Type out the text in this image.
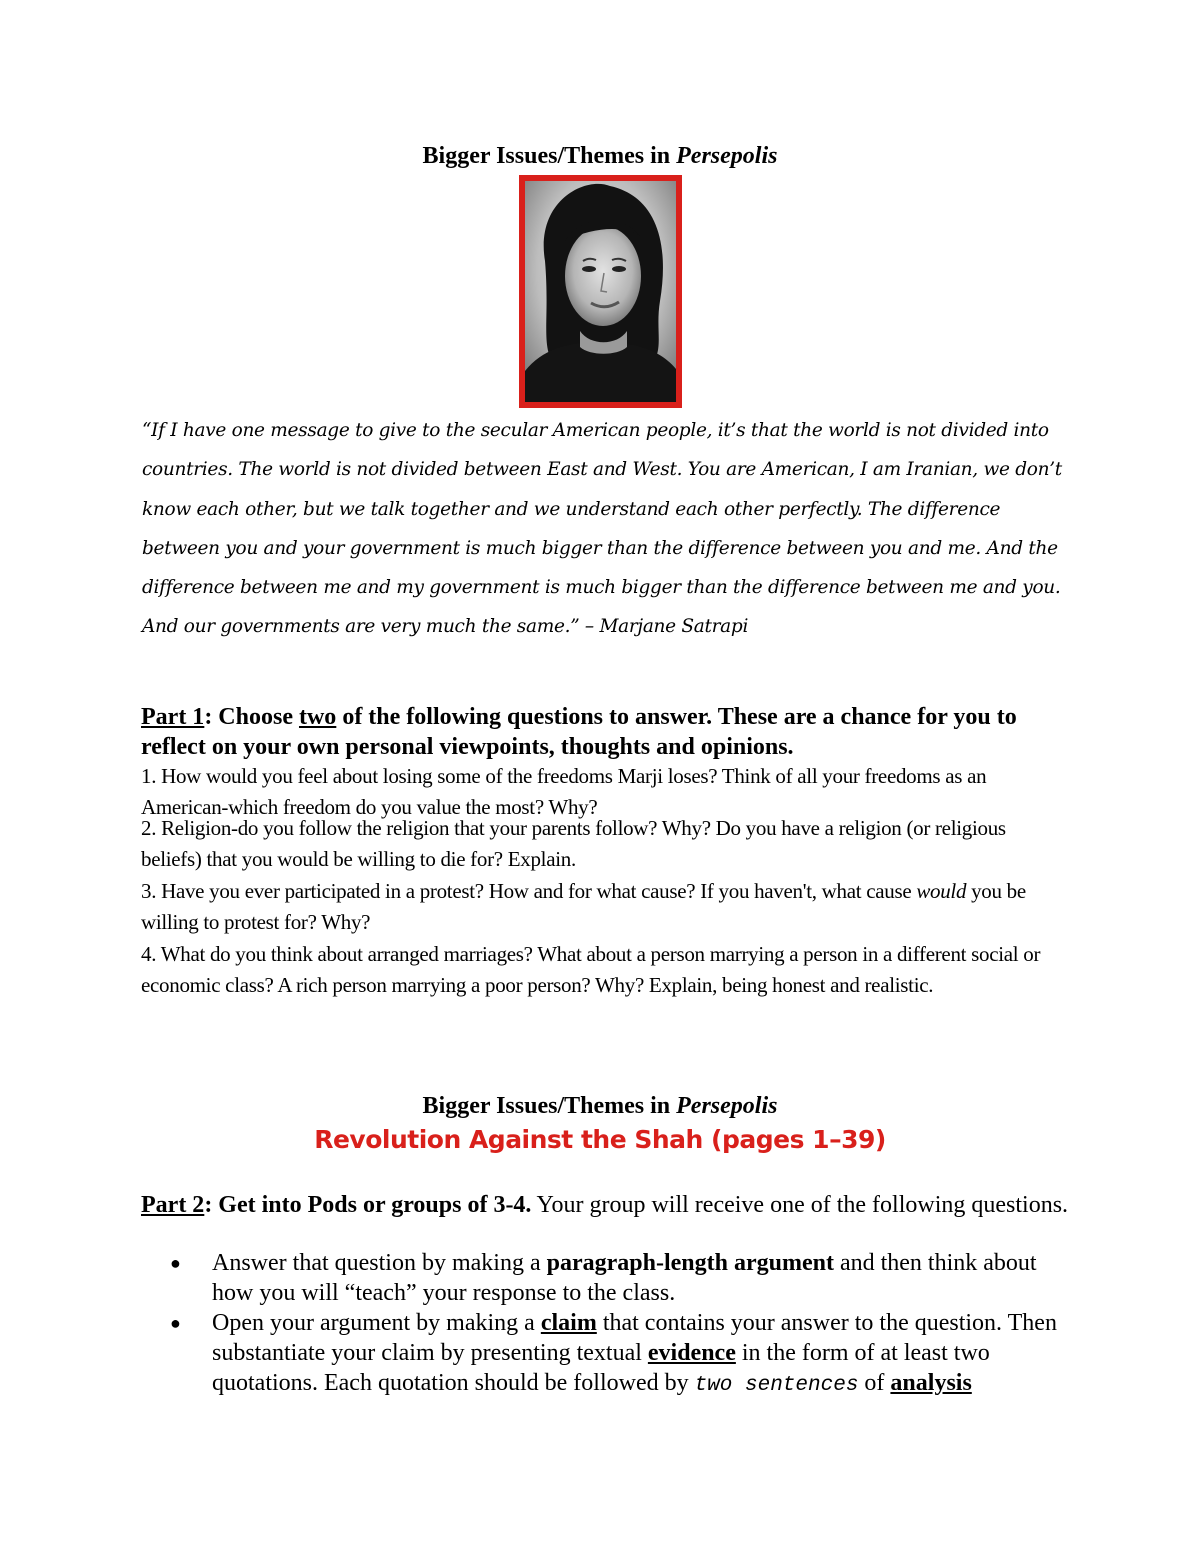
Bigger Issues/Themes in Persepolis
“If I have one message to give to the secular American people, it’s that the world is not divided into countries. The world is not divided between East and West. You are American, I am Iranian, we don’t know each other, but we talk together and we understand each other perfectly. The difference between you and your government is much bigger than the difference between you and me. And the difference between me and my government is much bigger than the difference between me and you. And our governments are very much the same.” – Marjane Satrapi
Part 1: Choose two of the following questions to answer. These are a chance for you to reflect on your own personal viewpoints, thoughts and opinions.
1. How would you feel about losing some of the freedoms Marji loses? Think of all your freedoms as an American-which freedom do you value the most? Why?
2. Religion-do you follow the religion that your parents follow? Why? Do you have a religion (or religious beliefs) that you would be willing to die for? Explain.
3. Have you ever participated in a protest? How and for what cause? If you haven't, what cause would you be willing to protest for? Why?
4. What do you think about arranged marriages? What about a person marrying a person in a different social or economic class? A rich person marrying a poor person? Why? Explain, being honest and realistic.
Bigger Issues/Themes in Persepolis
Revolution Against the Shah (pages 1–39)
Part 2: Get into Pods or groups of 3-4. Your group will receive one of the following questions.
● Answer that question by making a paragraph-length argument and then think about how you will “teach” your response to the class.
● Open your argument by making a claim that contains your answer to the question. Then substantiate your claim by presenting textual evidence in the form of at least two quotations. Each quotation should be followed by two sentences of analysis
